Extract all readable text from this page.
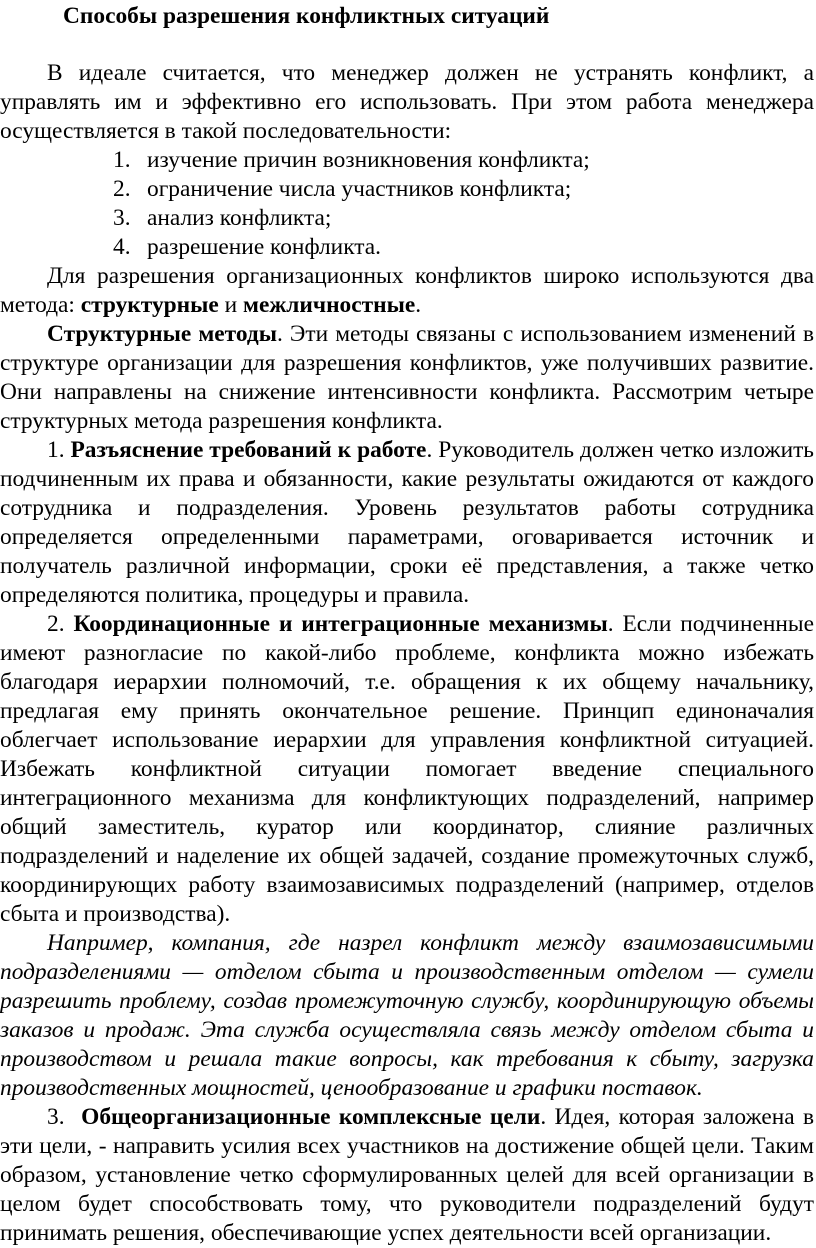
Способы разрешения конфликтных ситуаций

В идеале считается, что менеджер должен не устранять конфликт, а управлять им и эффективно его использовать. При этом работа менеджера осуществляется в такой последовательности:

1. изучение причин возникновения конфликта;
2. ограничение числа участников конфликта;
3. анализ конфликта;
4. разрешение конфликта.

Для разрешения организационных конфликтов широко используются два метода: структурные и межличностные.

Структурные методы. Эти методы связаны с использованием изменений в структуре организации для разрешения конфликтов, уже получивших развитие. Они направлены на снижение интенсивности конфликта. Рассмотрим четыре структурных метода разрешения конфликта.

1. Разъяснение требований к работе. Руководитель должен четко изложить подчиненным их права и обязанности, какие результаты ожидаются от каждого сотрудника и подразделения. Уровень результатов работы сотрудника определяется определенными параметрами, оговаривается источник и получатель различной информации, сроки её представления, а также четко определяются политика, процедуры и правила.

2. Координационные и интеграционные механизмы. Если подчиненные имеют разногласие по какой-либо проблеме, конфликта можно избежать благодаря иерархии полномочий, т.е. обращения к их общему начальнику, предлагая ему принять окончательное решение. Принцип единоначалия облегчает использование иерархии для управления конфликтной ситуацией. Избежать конфликтной ситуации помогает введение специального интеграционного механизма для конфликтующих подразделений, например общий заместитель, куратор или координатор, слияние различных подразделений и наделение их общей задачей, создание промежуточных служб, координирующих работу взаимозависимых подразделений (например, отделов сбыта и производства).

Например, компания, где назрел конфликт между взаимозависимыми подразделениями — отделом сбыта и производственным отделом — сумели разрешить проблему, создав промежуточную службу, координирующую объемы заказов и продаж. Эта служба осуществляла связь между отделом сбыта и производством и решала такие вопросы, как требования к сбыту, загрузка производственных мощностей, ценообразование и графики поставок.

3. Общеорганизационные комплексные цели. Идея, которая заложена в эти цели, - направить усилия всех участников на достижение общей цели. Таким образом, установление четко сформулированных целей для всей организации в целом будет способствовать тому, что руководители подразделений будут принимать решения, обеспечивающие успех деятельности всей организации.
